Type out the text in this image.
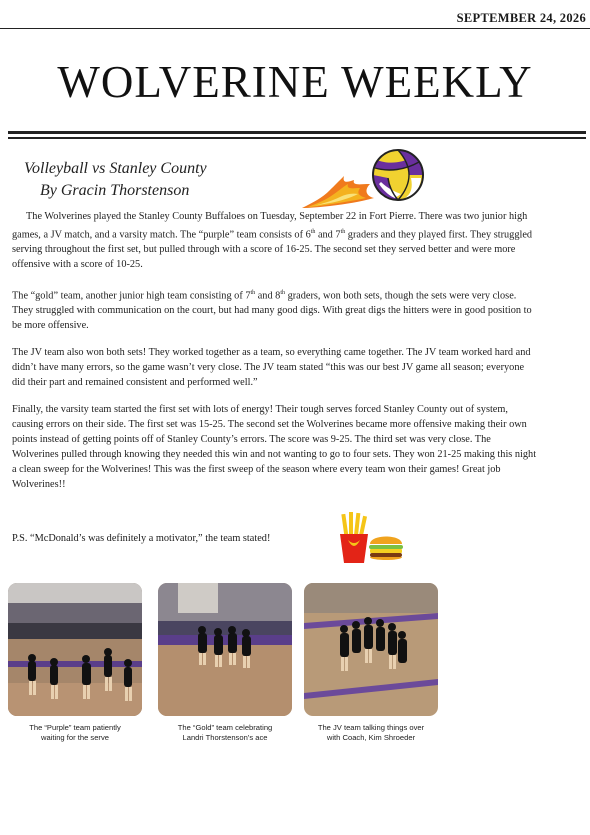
SEPTEMBER 24, 2026
WOLVERINE WEEKLY
Volleyball vs Stanley County
By Gracin Thorstenson

The Wolverines played the Stanley County Buffaloes on Tuesday, September 22 in Fort Pierre. There was two junior high games, a JV match, and a varsity match. The “purple” team consists of 6th and 7th graders and they played first. They struggled serving throughout the first set, but pulled through with a score of 16-25. The second set they served better and were more offensive with a score of 10-25.

The “gold” team, another junior high team consisting of 7th and 8th graders, won both sets, though the sets were very close. They struggled with communication on the court, but had many good digs. With great digs the hitters were in good position to be more offensive.

The JV team also won both sets! They worked together as a team, so everything came together. The JV team worked hard and didn’t have many errors, so the game wasn’t very close. The JV team stated “this was our best JV game all season; everyone did their part and remained consistent and performed well.”

Finally, the varsity team started the first set with lots of energy! Their tough serves forced Stanley County out of system, causing errors on their side. The first set was 15-25. The second set the Wolverines became more offensive making their own points instead of getting points off of Stanley County’s errors. The score was 9-25. The third set was very close. The Wolverines pulled through knowing they needed this win and not wanting to go to four sets. They won 21-25 making this night a clean sweep for the Wolverines! This was the first sweep of the season where every team won their games! Great job Wolverines!!

P.S. “McDonald’s was definitely a motivator,” the team stated!
The “Purple” team patiently
waiting for the serve
The “Gold” team celebrating
Landri Thorstenson’s ace
The JV team talking things over
with Coach, Kim Shroeder
